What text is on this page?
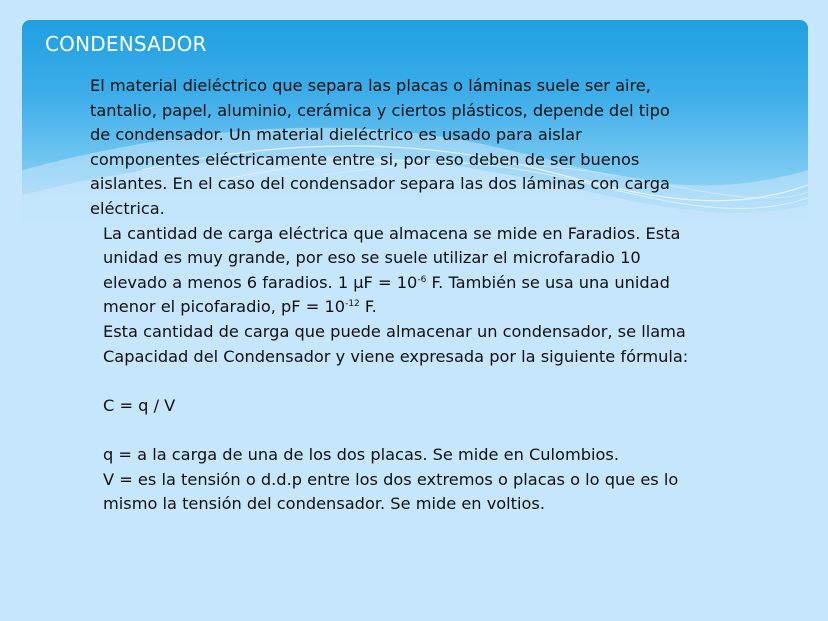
CONDENSADOR

El material dieléctrico que separa las placas o láminas suele ser aire, tantalio, papel, aluminio, cerámica y ciertos plásticos, depende del tipo de condensador. Un material dieléctrico es usado para aislar componentes eléctricamente entre si, por eso deben de ser buenos aislantes. En el caso del condensador separa las dos láminas con carga eléctrica.

La cantidad de carga eléctrica que almacena se mide en Faradios. Esta unidad es muy grande, por eso se suele utilizar el microfaradio 10 elevado a menos 6 faradios. 1 $\mu F = 10^{-6}$ F. También se usa una unidad menor el picofaradio, pF = $10^{-12}$ F.

Esta cantidad de carga que puede almacenar un condensador, se llama Capacidad del Condensador y viene expresada por la siguiente fórmula:

C = q / V

q = a la carga de una de los dos placas. Se mide en Culombios.

V = es la tensión o d.d.p entre los dos extremos o placas o lo que es lo mismo la tensión del condensador. Se mide en voltios.
